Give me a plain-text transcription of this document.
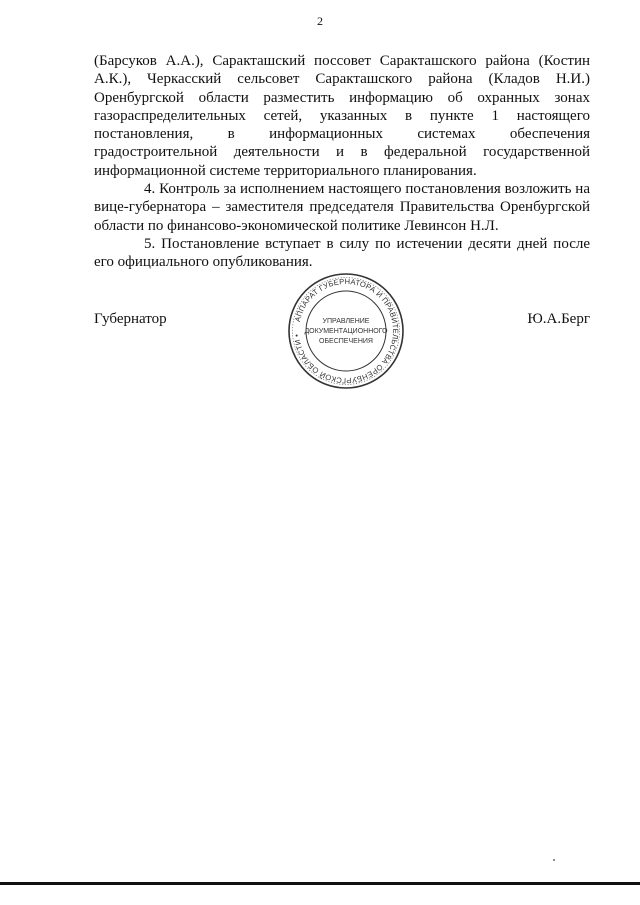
2

(Барсуков А.А.), Саракташский поссовет Саракташского района (Костин А.К.), Черкасский сельсовет Саракташского района (Кладов Н.И.) Оренбургской области разместить информацию об охранных зонах газораспределительных сетей, указанных в пункте 1 настоящего постановления, в информационных системах обеспечения градостроительной деятельности и в федеральной государственной информационной системе территориального планирования.

4. Контроль за исполнением настоящего постановления возложить на вице-губернатора – заместителя председателя Правительства Оренбургской области по финансово-экономической политике Левинсон Н.Л.

5. Постановление вступает в силу по истечении десяти дней после его официального опубликования.

Губернатор	Ю.А.Берг
АППАРАТ ГУБЕРНАТОРА И ПРАВИТЕЛЬСТВА ОРЕНБУРГСКОЙ ОБЛАСТИ •
УПРАВЛЕНИЕ
ДОКУМЕНТАЦИОННОГО
ОБЕСПЕЧЕНИЯ
